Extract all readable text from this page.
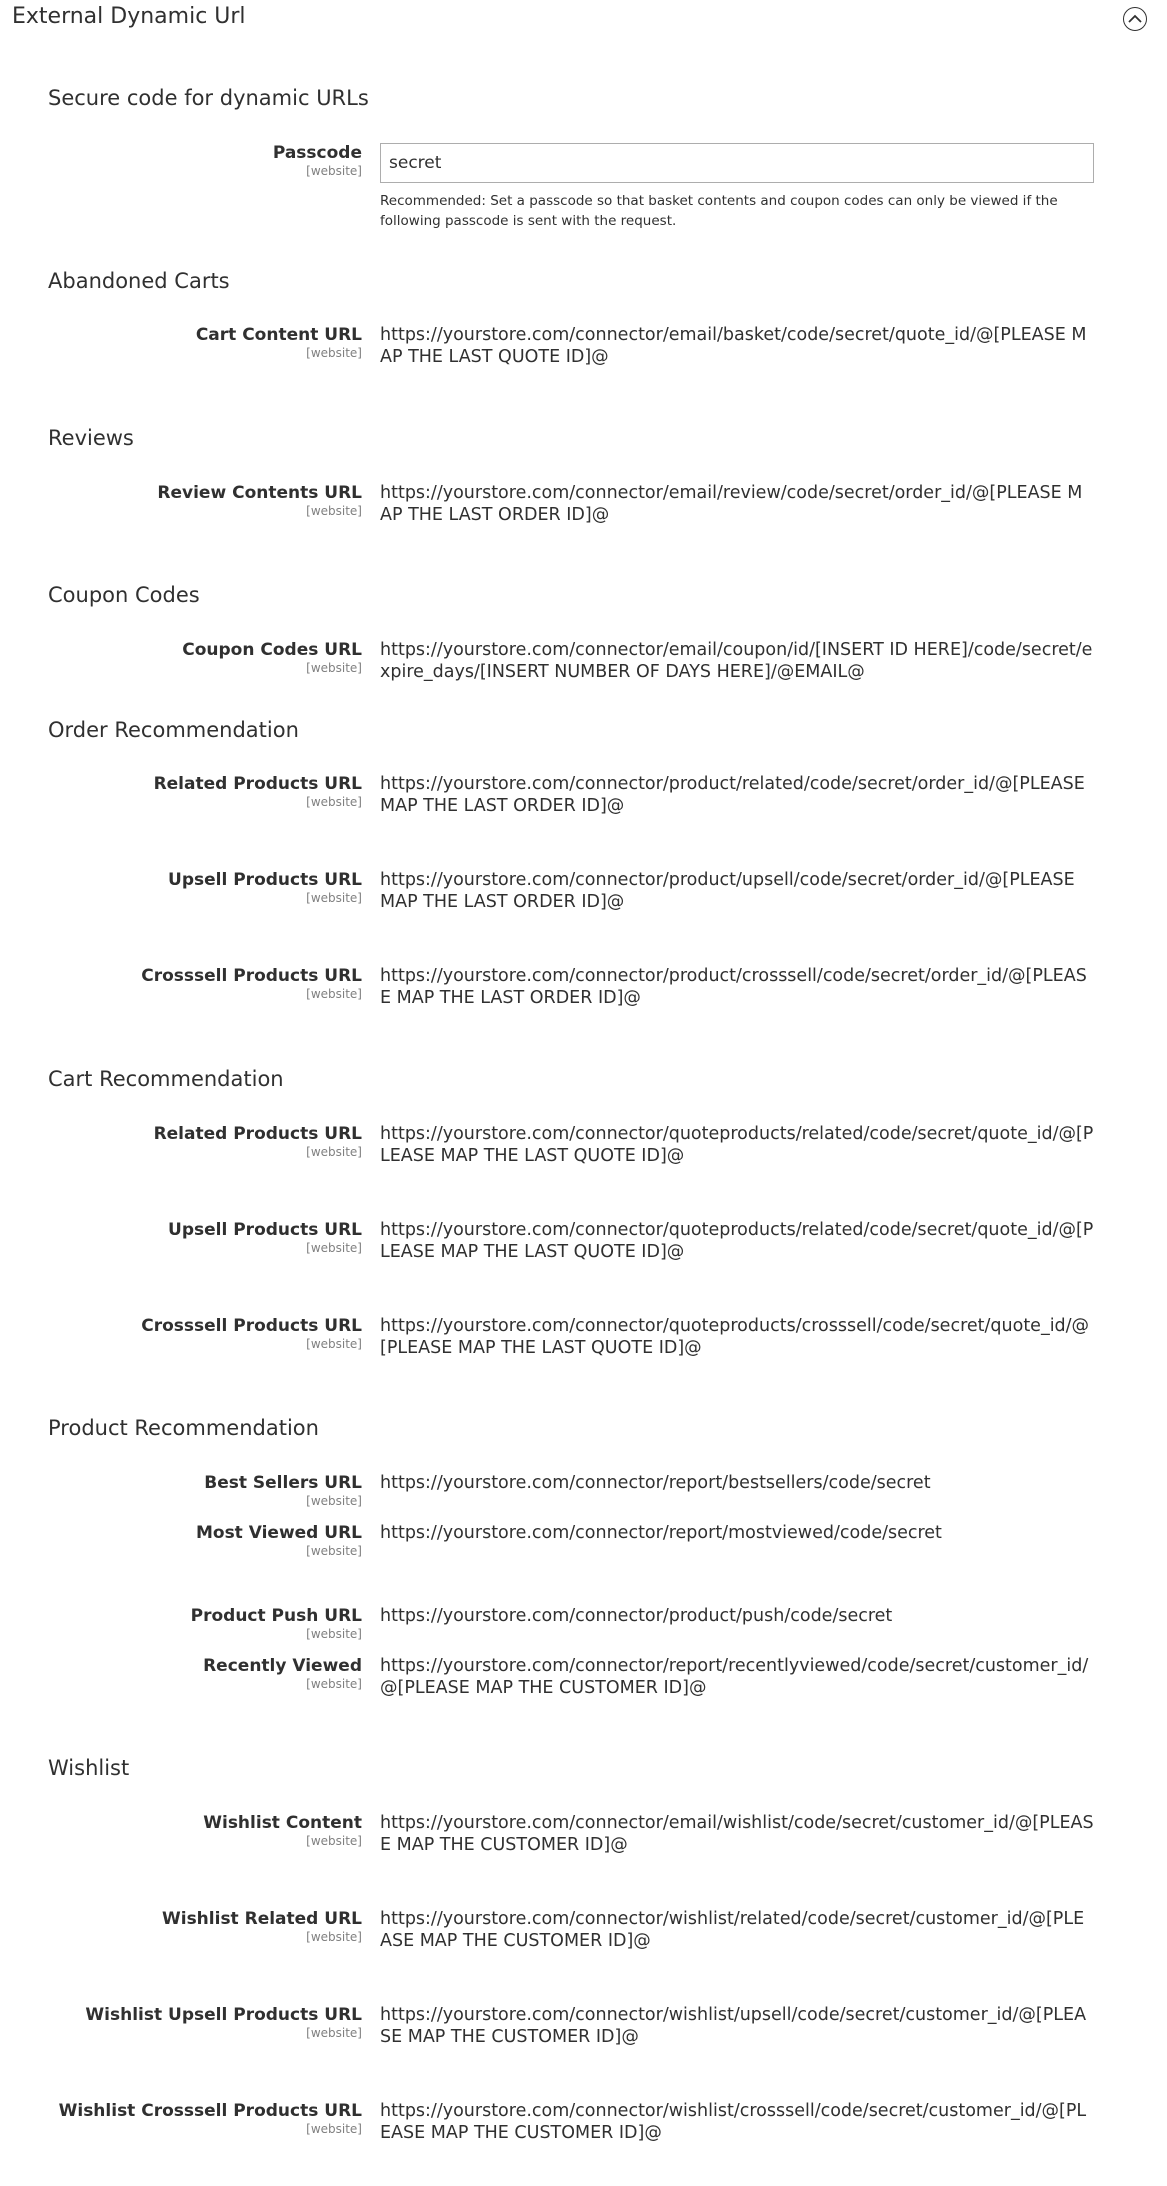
External Dynamic Url
Secure code for dynamic URLs
Passcode
[website]
secret
Recommended: Set a passcode so that basket contents and coupon codes can only be viewed if the following passcode is sent with the request.
Abandoned Carts
Cart Content URL
[website]
https://yourstore.com/connector/email/basket/code/secret/quote_id/@[PLEASE MAP THE LAST QUOTE ID]@
Reviews
Review Contents URL
[website]
https://yourstore.com/connector/email/review/code/secret/order_id/@[PLEASE MAP THE LAST ORDER ID]@
Coupon Codes
Coupon Codes URL
[website]
https://yourstore.com/connector/email/coupon/id/[INSERT ID HERE]/code/secret/expire_days/[INSERT NUMBER OF DAYS HERE]/@EMAIL@
Order Recommendation
Related Products URL
[website]
https://yourstore.com/connector/product/related/code/secret/order_id/@[PLEASE MAP THE LAST ORDER ID]@
Upsell Products URL
[website]
https://yourstore.com/connector/product/upsell/code/secret/order_id/@[PLEASE MAP THE LAST ORDER ID]@
Crosssell Products URL
[website]
https://yourstore.com/connector/product/crosssell/code/secret/order_id/@[PLEASE MAP THE LAST ORDER ID]@
Cart Recommendation
Related Products URL
[website]
https://yourstore.com/connector/quoteproducts/related/code/secret/quote_id/@[PLEASE MAP THE LAST QUOTE ID]@
Upsell Products URL
[website]
https://yourstore.com/connector/quoteproducts/related/code/secret/quote_id/@[PLEASE MAP THE LAST QUOTE ID]@
Crosssell Products URL
[website]
https://yourstore.com/connector/quoteproducts/crosssell/code/secret/quote_id/@[PLEASE MAP THE LAST QUOTE ID]@
Product Recommendation
Best Sellers URL
[website]
https://yourstore.com/connector/report/bestsellers/code/secret
Most Viewed URL
[website]
https://yourstore.com/connector/report/mostviewed/code/secret
Product Push URL
[website]
https://yourstore.com/connector/product/push/code/secret
Recently Viewed
[website]
https://yourstore.com/connector/report/recentlyviewed/code/secret/customer_id/@[PLEASE MAP THE CUSTOMER ID]@
Wishlist
Wishlist Content
[website]
https://yourstore.com/connector/email/wishlist/code/secret/customer_id/@[PLEASE MAP THE CUSTOMER ID]@
Wishlist Related URL
[website]
https://yourstore.com/connector/wishlist/related/code/secret/customer_id/@[PLEASE MAP THE CUSTOMER ID]@
Wishlist Upsell Products URL
[website]
https://yourstore.com/connector/wishlist/upsell/code/secret/customer_id/@[PLEASE MAP THE CUSTOMER ID]@
Wishlist Crosssell Products URL
[website]
https://yourstore.com/connector/wishlist/crosssell/code/secret/customer_id/@[PLEASE MAP THE CUSTOMER ID]@
